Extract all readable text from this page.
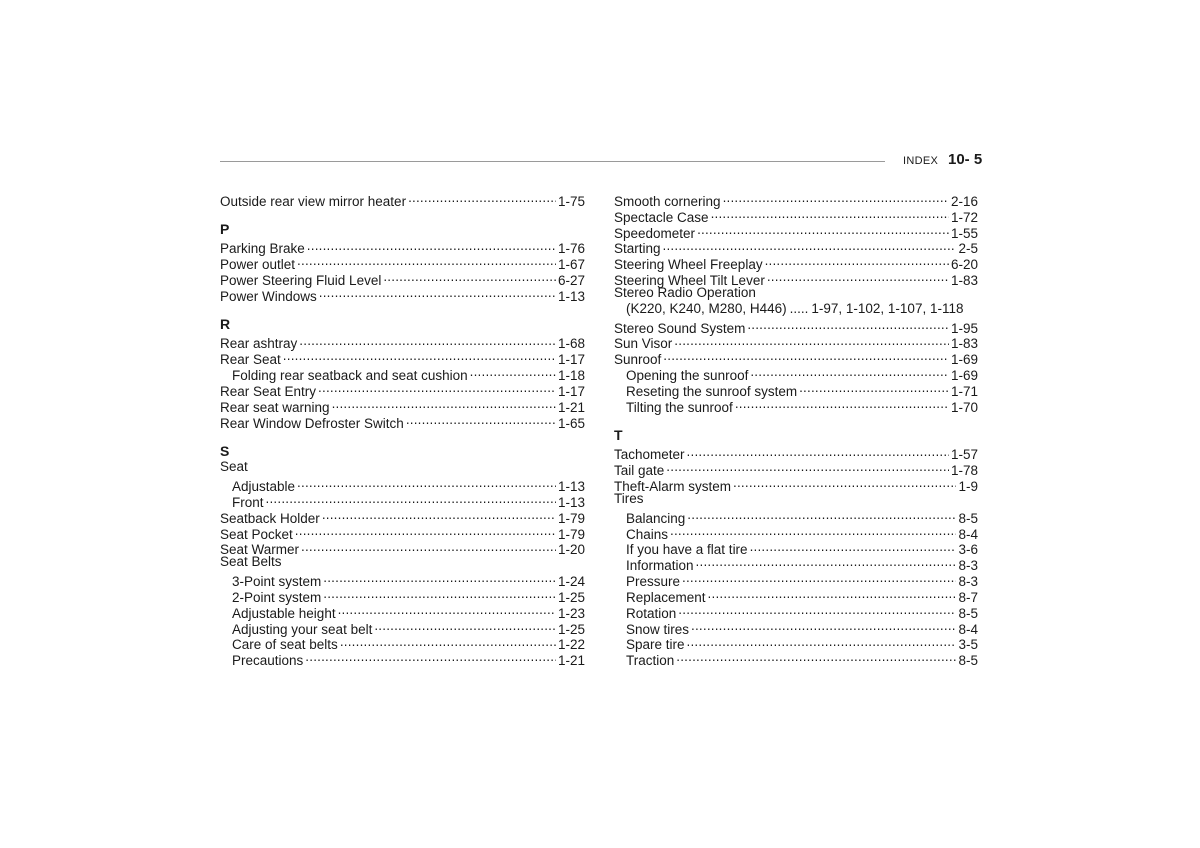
INDEX 10- 5
Outside rear view mirror heater .....	1-75
P
Parking Brake .....	1-76
Power outlet .....	1-67
Power Steering Fluid Level .....	6-27
Power Windows .....	1-13
R
Rear ashtray .....	1-68
Rear Seat .....	1-17
Folding rear seatback and seat cushion .....	1-18
Rear Seat Entry .....	1-17
Rear seat warning .....	1-21
Rear Window Defroster Switch .....	1-65
S
Seat
Adjustable .....	1-13
Front .....	1-13
Seatback Holder .....	1-79
Seat Pocket .....	1-79
Seat Warmer .....	1-20
Seat Belts
3-Point system .....	1-24
2-Point system .....	1-25
Adjustable height .....	1-23
Adjusting your seat belt .....	1-25
Care of seat belts .....	1-22
Precautions .....	1-21
Smooth cornering .....	2-16
Spectacle Case .....	1-72
Speedometer .....	1-55
Starting .....	2-5
Steering Wheel Freeplay .....	6-20
Steering Wheel Tilt Lever .....	1-83
Stereo Radio Operation
(K220, K240, M280, H446) ..... 1-97, 1-102, 1-107, 1-118
Stereo Sound System .....	1-95
Sun Visor .....	1-83
Sunroof .....	1-69
Opening the sunroof .....	1-69
Reseting the sunroof system .....	1-71
Tilting the sunroof .....	1-70
T
Tachometer .....	1-57
Tail gate .....	1-78
Theft-Alarm system .....	1-9
Tires
Balancing .....	8-5
Chains .....	8-4
If you have a flat tire .....	3-6
Information .....	8-3
Pressure .....	8-3
Replacement .....	8-7
Rotation .....	8-5
Snow tires .....	8-4
Spare tire .....	3-5
Traction .....	8-5
